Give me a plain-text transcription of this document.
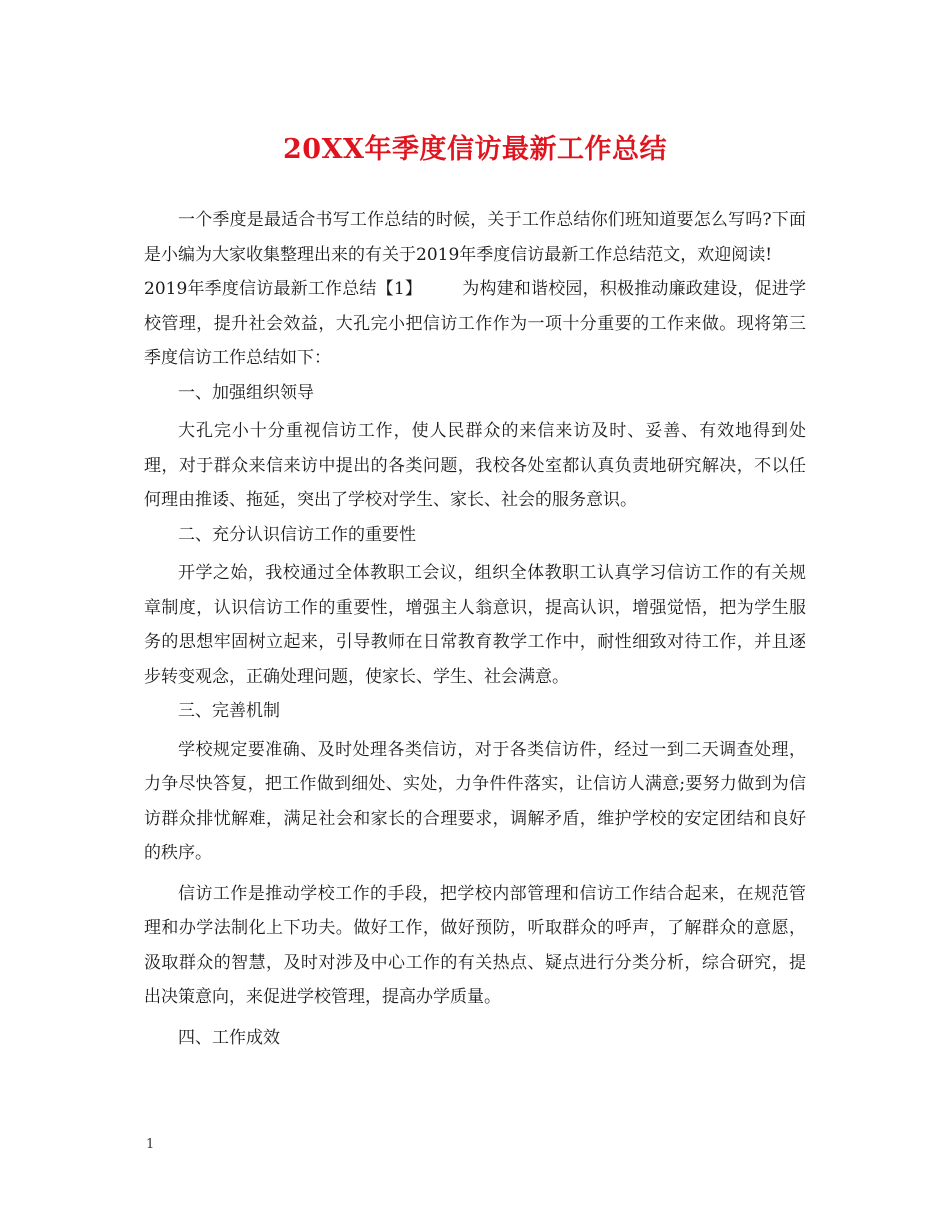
20XX年季度信访最新工作总结

一个季度是最适合书写工作总结的时候，关于工作总结你们班知道要怎么写吗?下面是小编为大家收集整理出来的有关于2019年季度信访最新工作总结范文，欢迎阅读!

2019年季度信访最新工作总结【1】 为构建和谐校园，积极推动廉政建设，促进学校管理，提升社会效益，大孔完小把信访工作作为一项十分重要的工作来做。现将第三季度信访工作总结如下：

一、加强组织领导

大孔完小十分重视信访工作，使人民群众的来信来访及时、妥善、有效地得到处理，对于群众来信来访中提出的各类问题，我校各处室都认真负责地研究解决，不以任何理由推诿、拖延，突出了学校对学生、家长、社会的服务意识。

二、充分认识信访工作的重要性

开学之始，我校通过全体教职工会议，组织全体教职工认真学习信访工作的有关规章制度，认识信访工作的重要性，增强主人翁意识，提高认识，增强觉悟，把为学生服务的思想牢固树立起来，引导教师在日常教育教学工作中，耐性细致对待工作，并且逐步转变观念，正确处理问题，使家长、学生、社会满意。

三、完善机制

学校规定要准确、及时处理各类信访，对于各类信访件，经过一到二天调查处理，力争尽快答复，把工作做到细处、实处，力争件件落实，让信访人满意;要努力做到为信访群众排忧解难，满足社会和家长的合理要求，调解矛盾，维护学校的安定团结和良好的秩序。

信访工作是推动学校工作的手段，把学校内部管理和信访工作结合起来，在规范管理和办学法制化上下功夫。做好工作，做好预防，听取群众的呼声，了解群众的意愿，汲取群众的智慧，及时对涉及中心工作的有关热点、疑点进行分类分析，综合研究，提出决策意向，来促进学校管理，提高办学质量。

四、工作成效

1
